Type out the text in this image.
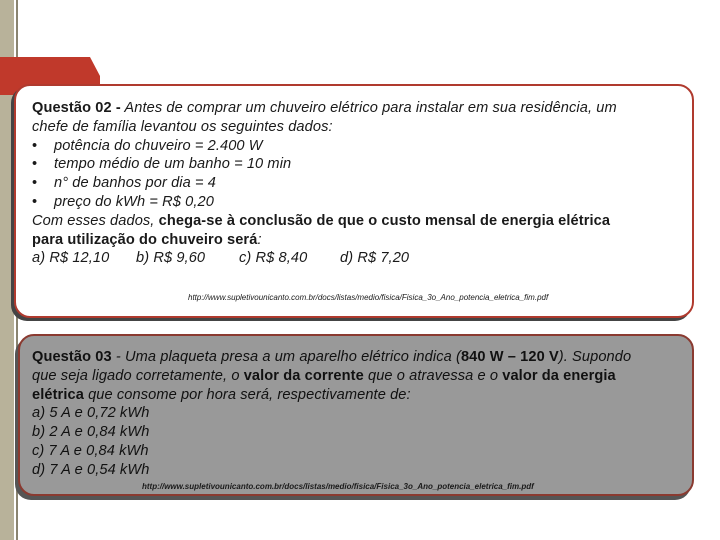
Questão 02 - Antes de comprar um chuveiro elétrico para instalar em sua residência, um
chefe de família levantou os seguintes dados:
• potência do chuveiro = 2.400 W
• tempo médio de um banho = 10 min
• n° de banhos por dia = 4
• preço do kWh = R$ 0,20
Com esses dados, chega-se à conclusão de que o custo mensal de energia elétrica
para utilização do chuveiro será:
a) R$ 12,10 b) R$ 9,60 c) R$ 8,40 d) R$ 7,20
http://www.supletivounicanto.com.br/docs/listas/medio/fisica/Fisica_3o_Ano_potencia_eletrica_fim.pdf
Questão 03 - Uma plaqueta presa a um aparelho elétrico indica (840 W – 120 V). Supondo
que seja ligado corretamente, o valor da corrente que o atravessa e o valor da energia
elétrica que consome por hora será, respectivamente de:
a) 5 A e 0,72 kWh
b) 2 A e 0,84 kWh
c) 7 A e 0,84 kWh
d) 7 A e 0,54 kWh
http://www.supletivounicanto.com.br/docs/listas/medio/fisica/Fisica_3o_Ano_potencia_eletrica_fim.pdf
